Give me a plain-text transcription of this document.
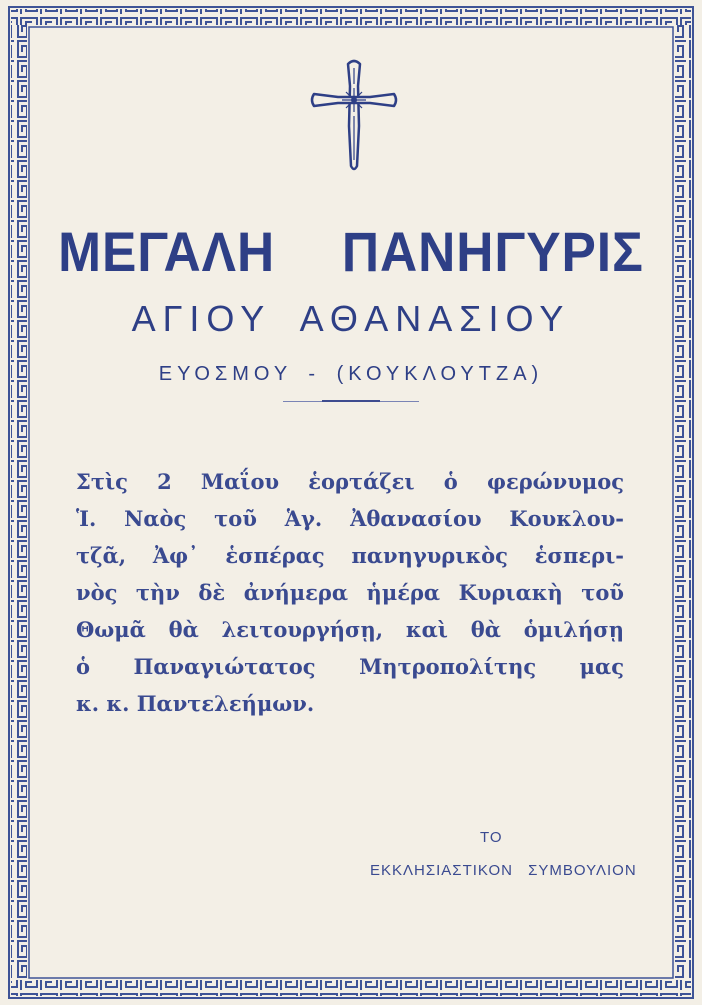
ΜΕΓΑΛΗ ΠΑΝΗΓΥΡΙΣ
ΑΓΙΟΥ ΑΘΑΝΑΣΙΟΥ
ΕΥΟΣΜΟΥ - (ΚΟΥΚΛΟΥΤΖΑ)
Στὶς 2 Μαΐου ἑορτάζει ὁ φερώνυμος
Ἱ. Ναὸς τοῦ Ἁγ. Ἀθανασίου Κουκλου-
τζᾶ, Ἀφ᾽ ἑσπέρας πανηγυρικὸς ἑσπερι-
νὸς τὴν δὲ ἀνήμερα ἡμέρα Κυριακὴ τοῦ
Θωμᾶ θὰ λειτουργήσῃ, καὶ θὰ ὁμιλήσῃ
ὁ Παναγιώτατος Μητροπολίτης μας
κ. κ. Παντελεήμων.
ΤΟ
ΕΚΚΛΗΣΙΑΣΤΙΚΟΝ ΣΥΜΒΟΥΛΙΟΝ
